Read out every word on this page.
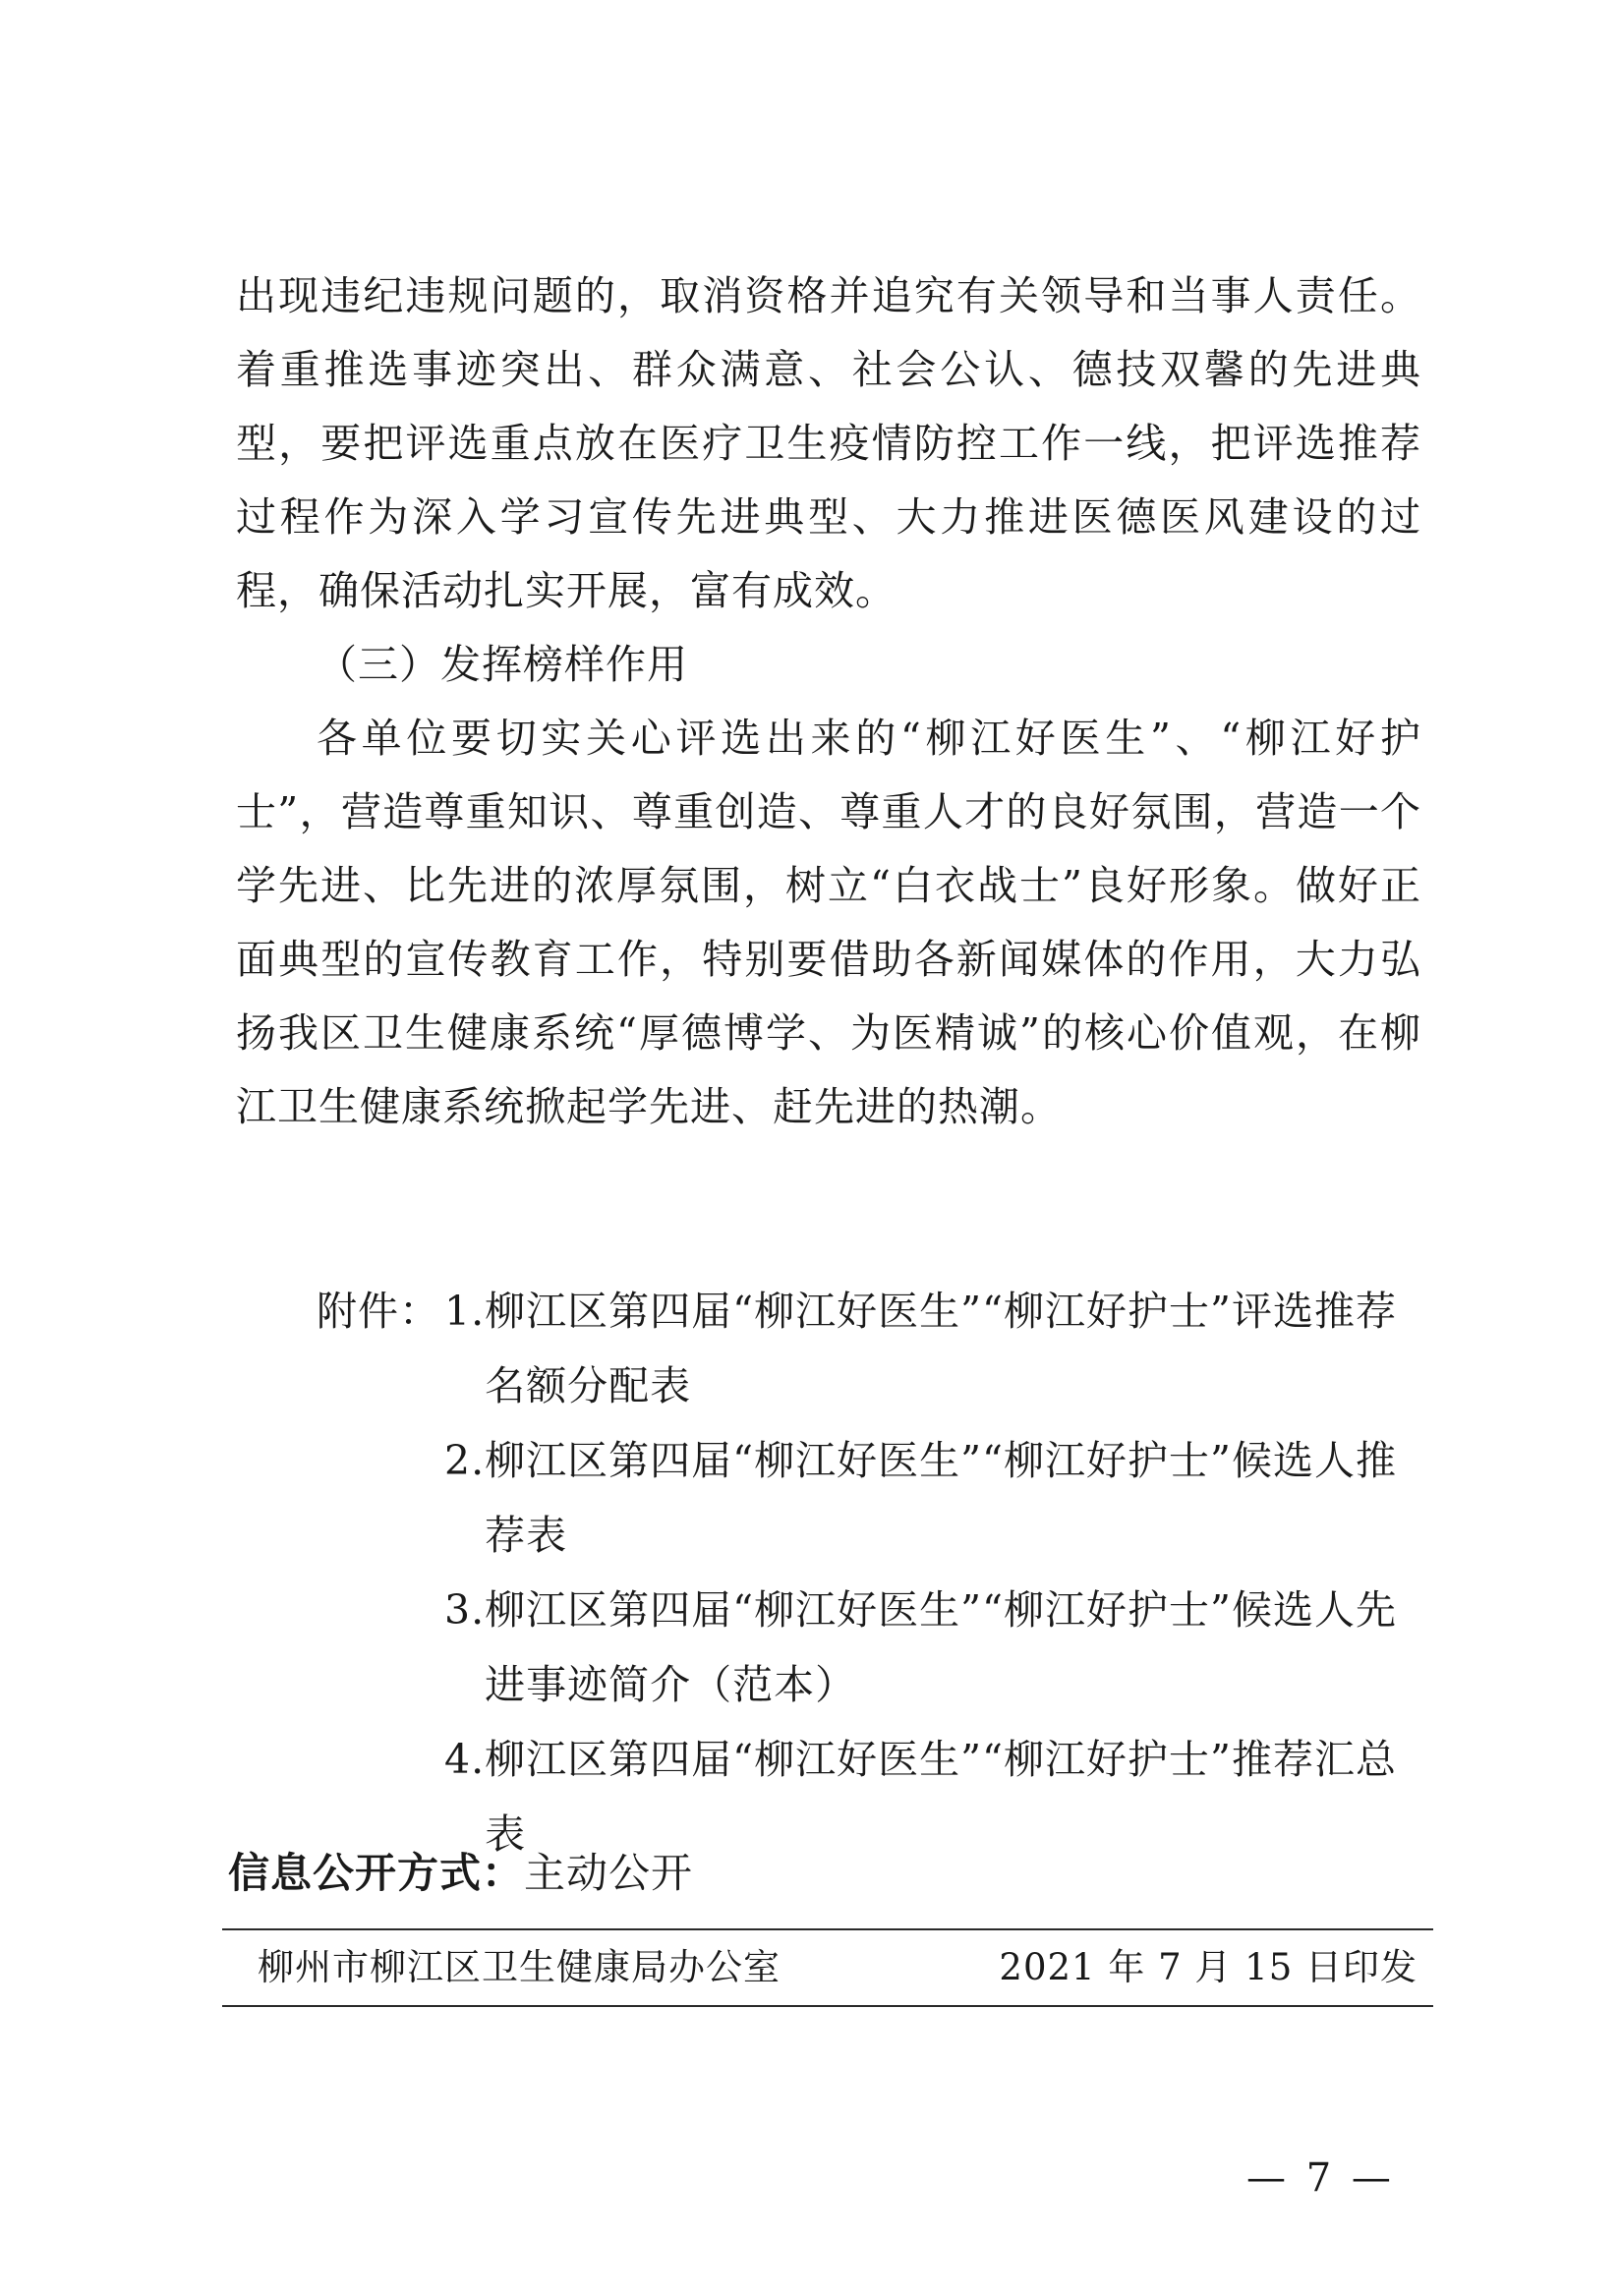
出现违纪违规问题的，取消资格并追究有关领导和当事人责任。着重推选事迹突出、群众满意、社会公认、德技双馨的先进典型，要把评选重点放在医疗卫生疫情防控工作一线，把评选推荐过程作为深入学习宣传先进典型、大力推进医德医风建设的过程，确保活动扎实开展，富有成效。

（三）发挥榜样作用

各单位要切实关心评选出来的“柳江好医生”、“柳江好护士”，营造尊重知识、尊重创造、尊重人才的良好氛围，营造一个学先进、比先进的浓厚氛围，树立“白衣战士”良好形象。做好正面典型的宣传教育工作，特别要借助各新闻媒体的作用，大力弘扬我区卫生健康系统“厚德博学、为医精诚”的核心价值观，在柳江卫生健康系统掀起学先进、赶先进的热潮。

附件： 1. 柳江区第四届“柳江好医生”“柳江好护士”评选推荐
名额分配表
2. 柳江区第四届“柳江好医生”“柳江好护士”候选人推
荐表
3. 柳江区第四届“柳江好医生”“柳江好护士”候选人先
进事迹简介（范本）
4. 柳江区第四届“柳江好医生”“柳江好护士”推荐汇总表
信息公开方式：主动公开
柳州市柳江区卫生健康局办公室	2021 年 7 月 15 日印发
— 7 —
